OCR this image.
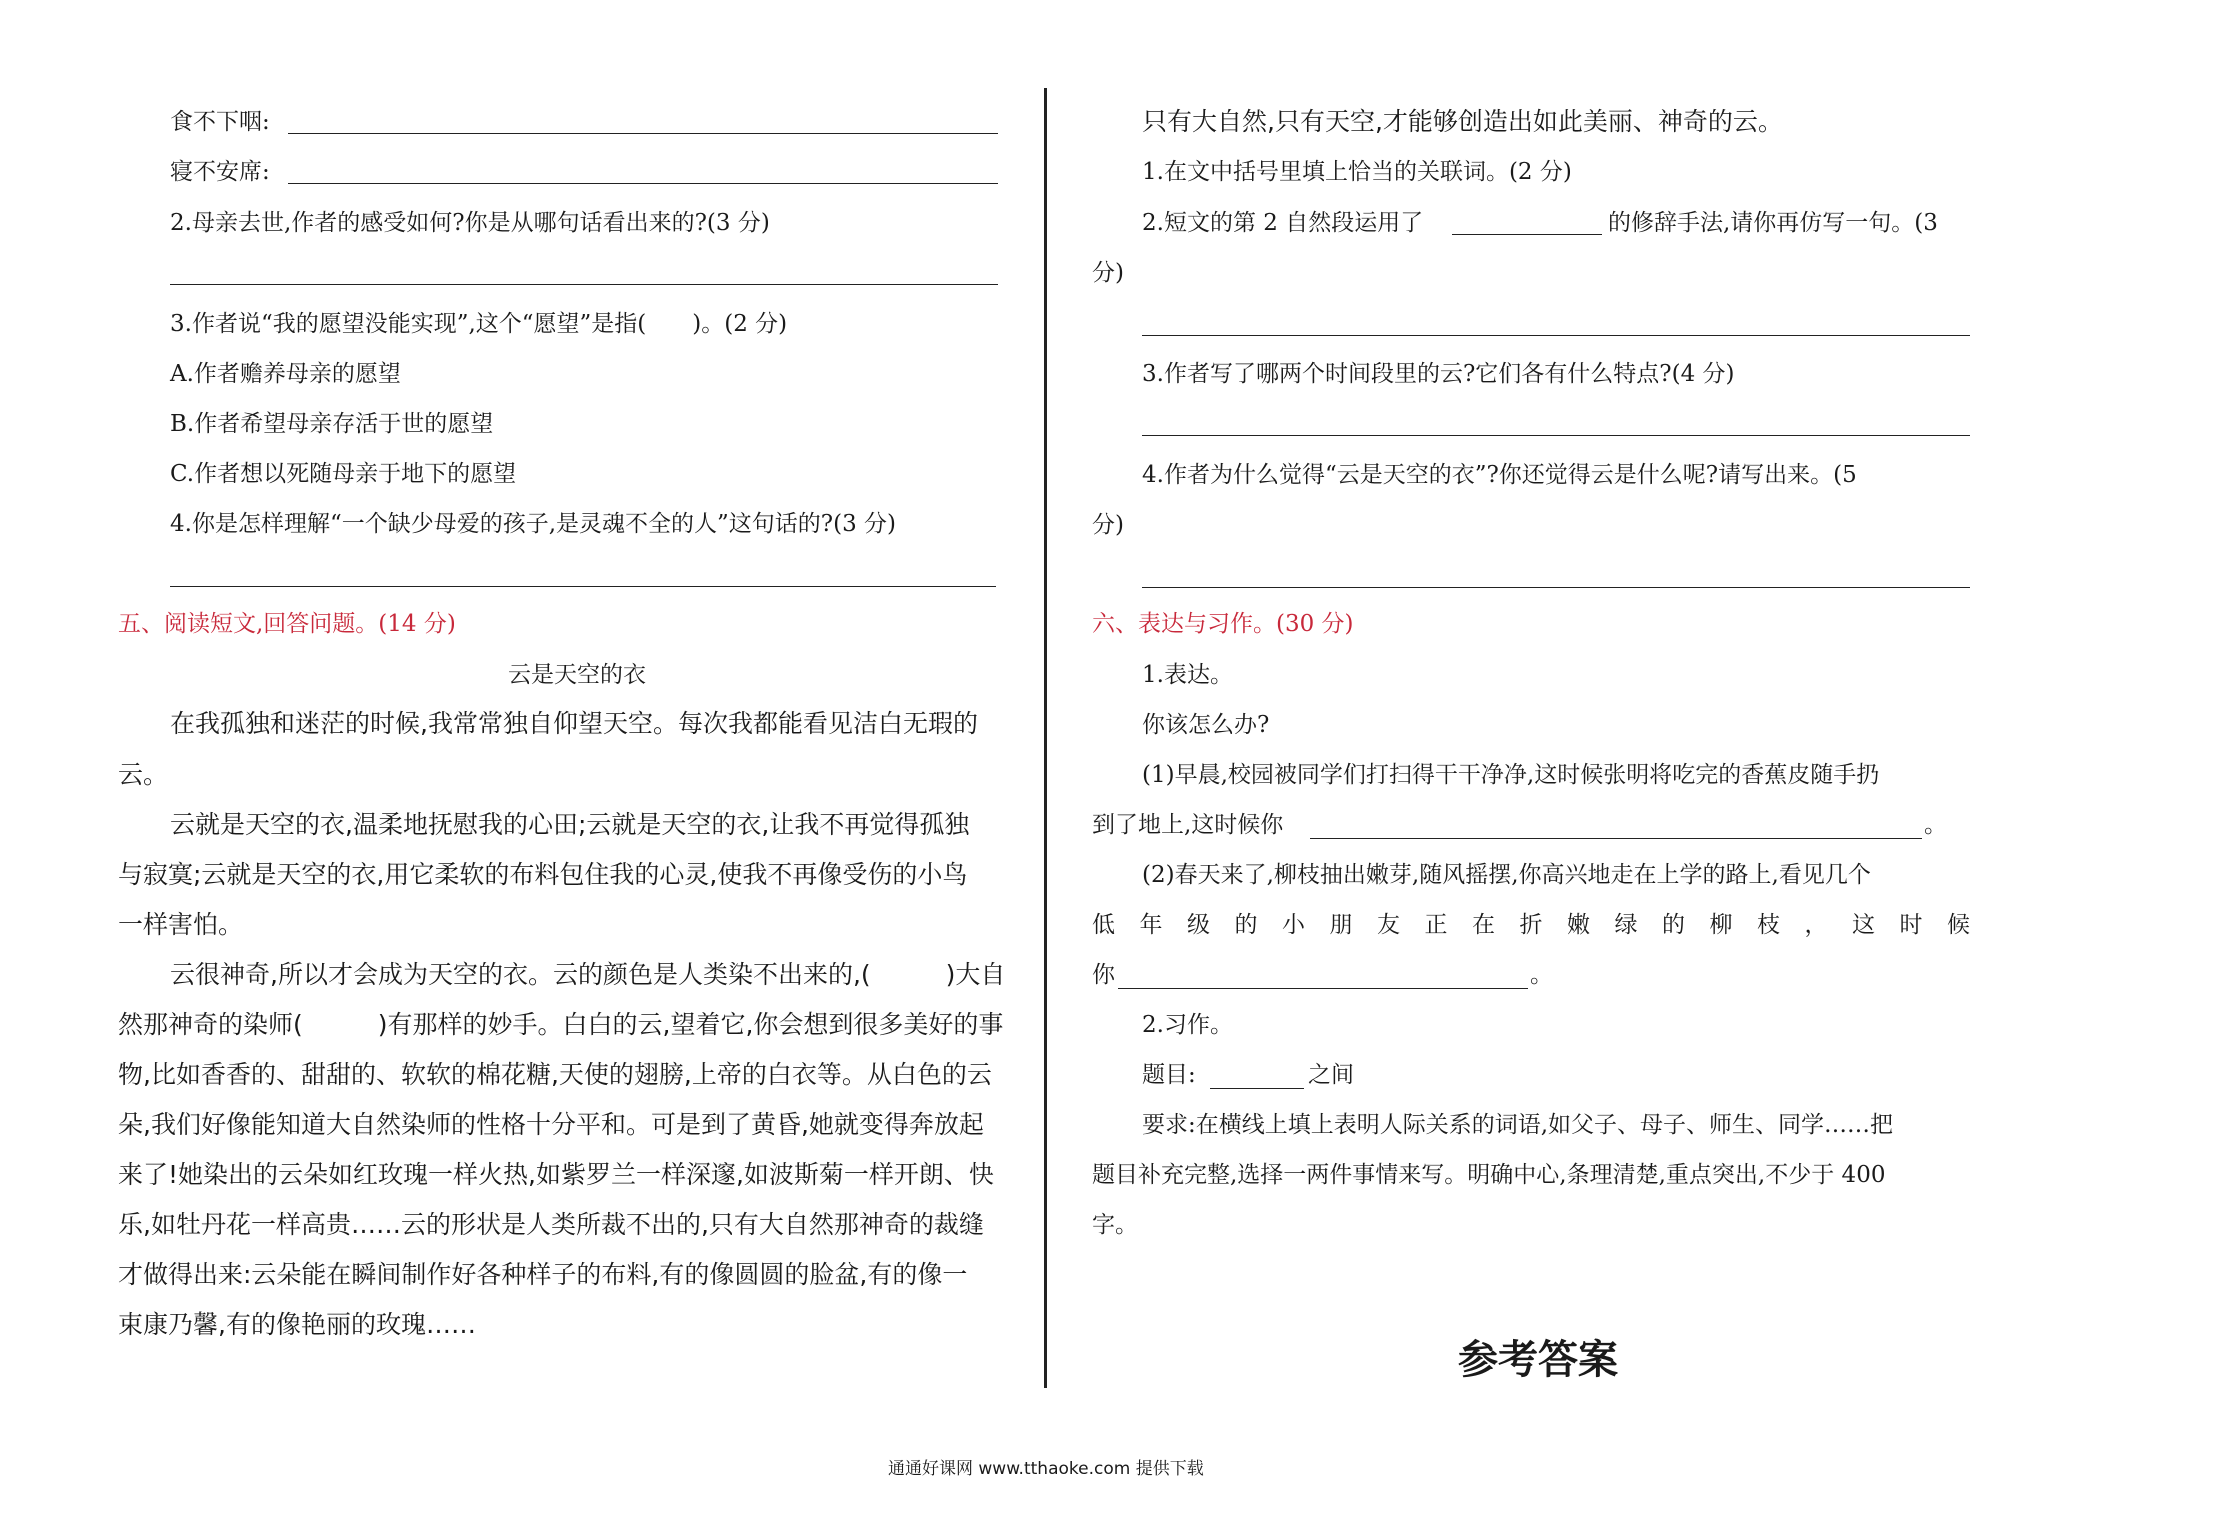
食不下咽:
寝不安席:
2.母亲去世,作者的感受如何?你是从哪句话看出来的?(3 分)
3.作者说“我的愿望没能实现”,这个“愿望”是指(　　)。(2 分)
A.作者赡养母亲的愿望
B.作者希望母亲存活于世的愿望
C.作者想以死随母亲于地下的愿望
4.你是怎样理解“一个缺少母爱的孩子,是灵魂不全的人”这句话的?(3 分)
五、阅读短文,回答问题。(14 分)
云是天空的衣
在我孤独和迷茫的时候,我常常独自仰望天空。每次我都能看见洁白无瑕的
云。
云就是天空的衣,温柔地抚慰我的心田;云就是天空的衣,让我不再觉得孤独
与寂寞;云就是天空的衣,用它柔软的布料包住我的心灵,使我不再像受伤的小鸟
一样害怕。
云很神奇,所以才会成为天空的衣。云的颜色是人类染不出来的,(　　　)大自
然那神奇的染师(　　　)有那样的妙手。白白的云,望着它,你会想到很多美好的事
物,比如香香的、甜甜的、软软的棉花糖,天使的翅膀,上帝的白衣等。从白色的云
朵,我们好像能知道大自然染师的性格十分平和。可是到了黄昏,她就变得奔放起
来了!她染出的云朵如红玫瑰一样火热,如紫罗兰一样深邃,如波斯菊一样开朗、快
乐,如牡丹花一样高贵……云的形状是人类所裁不出的,只有大自然那神奇的裁缝
才做得出来:云朵能在瞬间制作好各种样子的布料,有的像圆圆的脸盆,有的像一
束康乃馨,有的像艳丽的玫瑰……
只有大自然,只有天空,才能够创造出如此美丽、神奇的云。
1.在文中括号里填上恰当的关联词。(2 分)
2.短文的第 2 自然段运用了	的修辞手法,请你再仿写一句。(3
分)
3.作者写了哪两个时间段里的云?它们各有什么特点?(4 分)
4.作者为什么觉得“云是天空的衣”?你还觉得云是什么呢?请写出来。(5
分)
六、表达与习作。(30 分)
1.表达。
你该怎么办?
(1)早晨,校园被同学们打扫得干干净净,这时候张明将吃完的香蕉皮随手扔
到了地上,这时候你	。
(2)春天来了,柳枝抽出嫩芽,随风摇摆,你高兴地走在上学的路上,看见几个
低 年 级 的 小 朋 友 正 在 折 嫩 绿 的 柳 枝 ， 这 时 候
你	。
2.习作。
题目:	之间
要求:在横线上填上表明人际关系的词语,如父子、母子、师生、同学……把
题目补充完整,选择一两件事情来写。明确中心,条理清楚,重点突出,不少于 400
字。
参考答案
通通好课网 www.tthaoke.com 提供下载
